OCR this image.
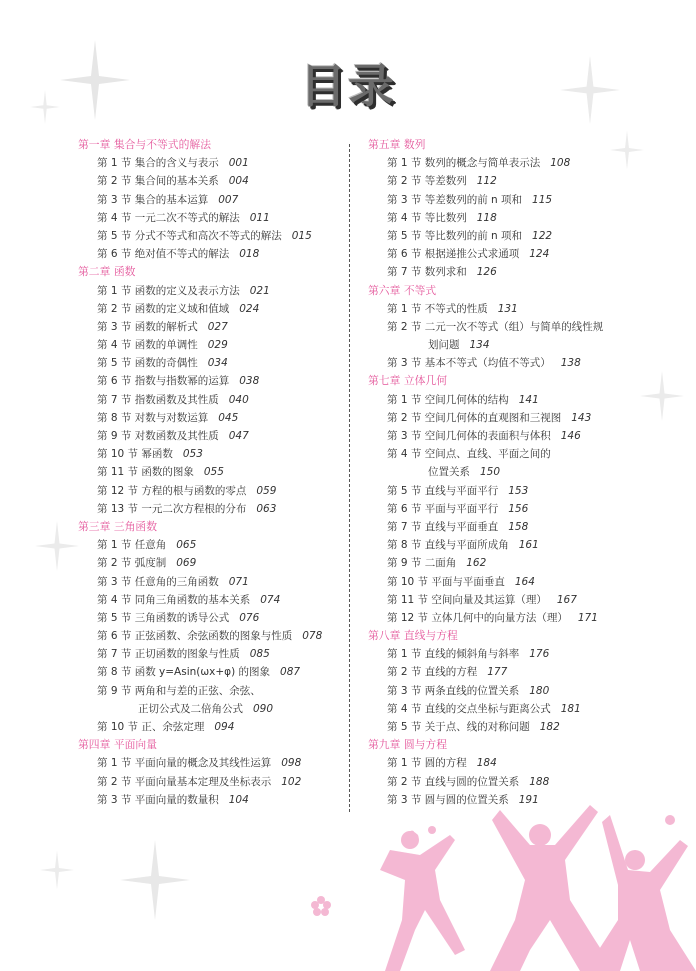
目录
第一章 集合与不等式的解法
第 1 节 集合的含义与表示 001
第 2 节 集合间的基本关系 004
第 3 节 集合的基本运算 007
第 4 节 一元二次不等式的解法 011
第 5 节 分式不等式和高次不等式的解法 015
第 6 节 绝对值不等式的解法 018
第二章 函数
第 1 节 函数的定义及表示方法 021
第 2 节 函数的定义域和值域 024
第 3 节 函数的解析式 027
第 4 节 函数的单调性 029
第 5 节 函数的奇偶性 034
第 6 节 指数与指数幂的运算 038
第 7 节 指数函数及其性质 040
第 8 节 对数与对数运算 045
第 9 节 对数函数及其性质 047
第 10 节 幂函数 053
第 11 节 函数的图象 055
第 12 节 方程的根与函数的零点 059
第 13 节 一元二次方程根的分布 063
第三章 三角函数
第 1 节 任意角 065
第 2 节 弧度制 069
第 3 节 任意角的三角函数 071
第 4 节 同角三角函数的基本关系 074
第 5 节 三角函数的诱导公式 076
第 6 节 正弦函数、余弦函数的图象与性质 078
第 7 节 正切函数的图象与性质 085
第 8 节 函数 y=Asin(ωx+φ) 的图象 087
第 9 节 两角和与差的正弦、余弦、
正切公式及二倍角公式 090
第 10 节 正、余弦定理 094
第四章 平面向量
第 1 节 平面向量的概念及其线性运算 098
第 2 节 平面向量基本定理及坐标表示 102
第 3 节 平面向量的数量积 104
第五章 数列
第 1 节 数列的概念与简单表示法 108
第 2 节 等差数列 112
第 3 节 等差数列的前 n 项和 115
第 4 节 等比数列 118
第 5 节 等比数列的前 n 项和 122
第 6 节 根据递推公式求通项 124
第 7 节 数列求和 126
第六章 不等式
第 1 节 不等式的性质 131
第 2 节 二元一次不等式（组）与简单的线性规
划问题 134
第 3 节 基本不等式（均值不等式） 138
第七章 立体几何
第 1 节 空间几何体的结构 141
第 2 节 空间几何体的直观图和三视图 143
第 3 节 空间几何体的表面积与体积 146
第 4 节 空间点、直线、平面之间的
位置关系 150
第 5 节 直线与平面平行 153
第 6 节 平面与平面平行 156
第 7 节 直线与平面垂直 158
第 8 节 直线与平面所成角 161
第 9 节 二面角 162
第 10 节 平面与平面垂直 164
第 11 节 空间向量及其运算（理） 167
第 12 节 立体几何中的向量方法（理） 171
第八章 直线与方程
第 1 节 直线的倾斜角与斜率 176
第 2 节 直线的方程 177
第 3 节 两条直线的位置关系 180
第 4 节 直线的交点坐标与距离公式 181
第 5 节 关于点、线的对称问题 182
第九章 圆与方程
第 1 节 圆的方程 184
第 2 节 直线与圆的位置关系 188
第 3 节 圆与圆的位置关系 191
